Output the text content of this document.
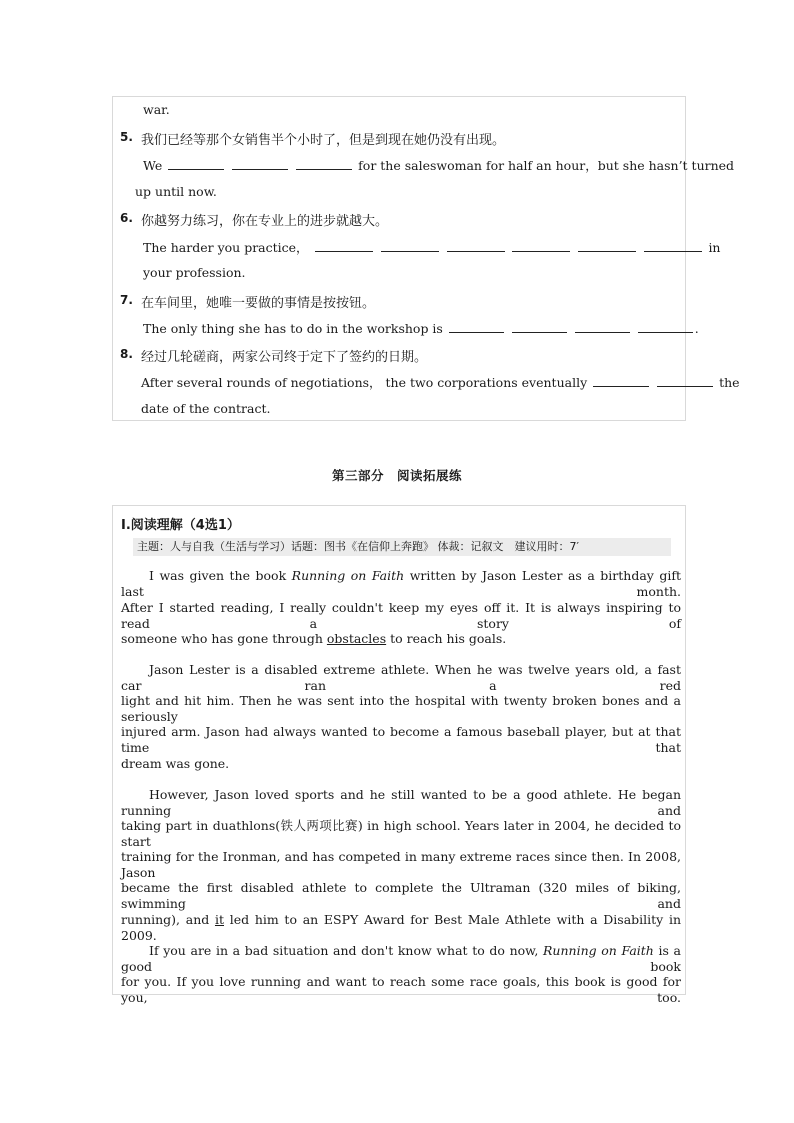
war.
5. 我们已经等那个女销售半个小时了，但是到现在她仍没有出现。
We	for the saleswoman for half an hour，but she hasn’t turned
up until now.
6. 你越努力练习，你在专业上的进步就越大。
The harder you practice，	in
your profession.
7. 在车间里，她唯一要做的事情是按按钮。
The only thing she has to do in the workshop is	.
8. 经过几轮磋商，两家公司终于定下了签约的日期。
After several rounds of negotiations， the two corporations eventually	the
date of the contract.
第三部分　阅读拓展练
Ⅰ.阅读理解（4选1）
主题：人与自我（生活与学习）话题：图书《在信仰上奔跑》 体裁：记叙文　建议用时：7′
I was given the book Running on Faith written by Jason Lester as a birthday gift last month.
After I started reading, I really couldn't keep my eyes off it. It is always inspiring to read a story of
someone who has gone through obstacles to reach his goals.
Jason Lester is a disabled extreme athlete. When he was twelve years old, a fast car ran a red
light and hit him. Then he was sent into the hospital with twenty broken bones and a seriously
injured arm. Jason had always wanted to become a famous baseball player, but at that time that
dream was gone.
However, Jason loved sports and he still wanted to be a good athlete. He began running and
taking part in duathlons(铁人两项比赛) in high school. Years later in 2004, he decided to start
training for the Ironman, and has competed in many extreme races since then. In 2008, Jason
became the first disabled athlete to complete the Ultraman (320 miles of biking, swimming and
running), and it led him to an ESPY Award for Best Male Athlete with a Disability in 2009.
If you are in a bad situation and don't know what to do now, Running on Faith is a good book
for you. If you love running and want to reach some race goals, this book is good for you, too.
